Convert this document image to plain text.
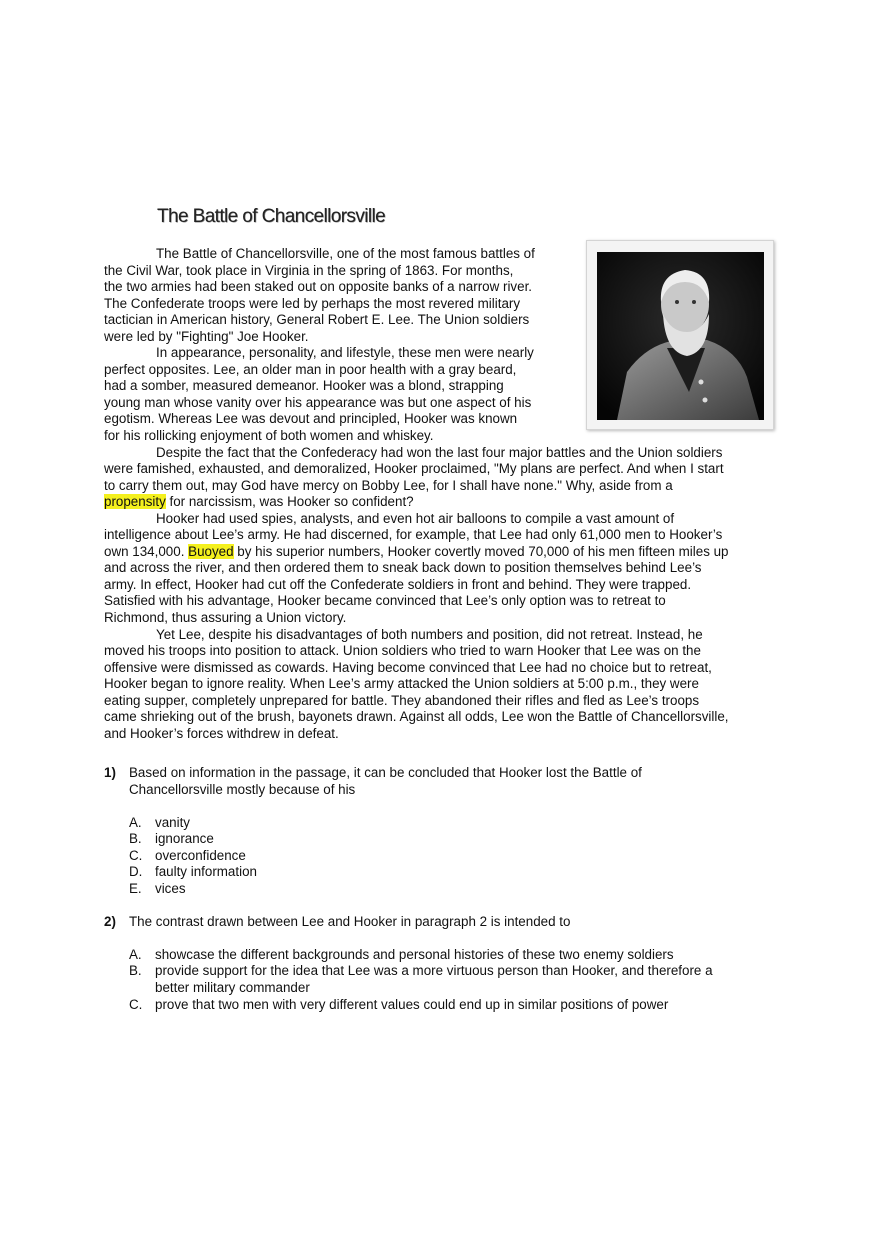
The Battle of Chancellorsville
The Battle of Chancellorsville, one of the most famous battles of
the Civil War, took place in Virginia in the spring of 1863. For months,
the two armies had been staked out on opposite banks of a narrow river.
The Confederate troops were led by perhaps the most revered military
tactician in American history, General Robert E. Lee. The Union soldiers
were led by "Fighting" Joe Hooker.
In appearance, personality, and lifestyle, these men were nearly
perfect opposites. Lee, an older man in poor health with a gray beard,
had a somber, measured demeanor. Hooker was a blond, strapping
young man whose vanity over his appearance was but one aspect of his
egotism. Whereas Lee was devout and principled, Hooker was known
for his rollicking enjoyment of both women and whiskey.
Despite the fact that the Confederacy had won the last four major battles and the Union soldiers
were famished, exhausted, and demoralized, Hooker proclaimed, "My plans are perfect. And when I start
to carry them out, may God have mercy on Bobby Lee, for I shall have none." Why, aside from a
propensity for narcissism, was Hooker so confident?
Hooker had used spies, analysts, and even hot air balloons to compile a vast amount of
intelligence about Lee’s army. He had discerned, for example, that Lee had only 61,000 men to Hooker’s
own 134,000. Buoyed by his superior numbers, Hooker covertly moved 70,000 of his men fifteen miles up
and across the river, and then ordered them to sneak back down to position themselves behind Lee’s
army. In effect, Hooker had cut off the Confederate soldiers in front and behind. They were trapped.
Satisfied with his advantage, Hooker became convinced that Lee’s only option was to retreat to
Richmond, thus assuring a Union victory.
Yet Lee, despite his disadvantages of both numbers and position, did not retreat. Instead, he
moved his troops into position to attack. Union soldiers who tried to warn Hooker that Lee was on the
offensive were dismissed as cowards. Having become convinced that Lee had no choice but to retreat,
Hooker began to ignore reality. When Lee’s army attacked the Union soldiers at 5:00 p.m., they were
eating supper, completely unprepared for battle. They abandoned their rifles and fled as Lee’s troops
came shrieking out of the brush, bayonets drawn. Against all odds, Lee won the Battle of Chancellorsville,
and Hooker’s forces withdrew in defeat.
1) Based on information in the passage, it can be concluded that Hooker lost the Battle of
Chancellorsville mostly because of his
A. vanity
B. ignorance
C. overconfidence
D. faulty information
E. vices
2) The contrast drawn between Lee and Hooker in paragraph 2 is intended to
A. showcase the different backgrounds and personal histories of these two enemy soldiers
B. provide support for the idea that Lee was a more virtuous person than Hooker, and therefore a
better military commander
C. prove that two men with very different values could end up in similar positions of power
